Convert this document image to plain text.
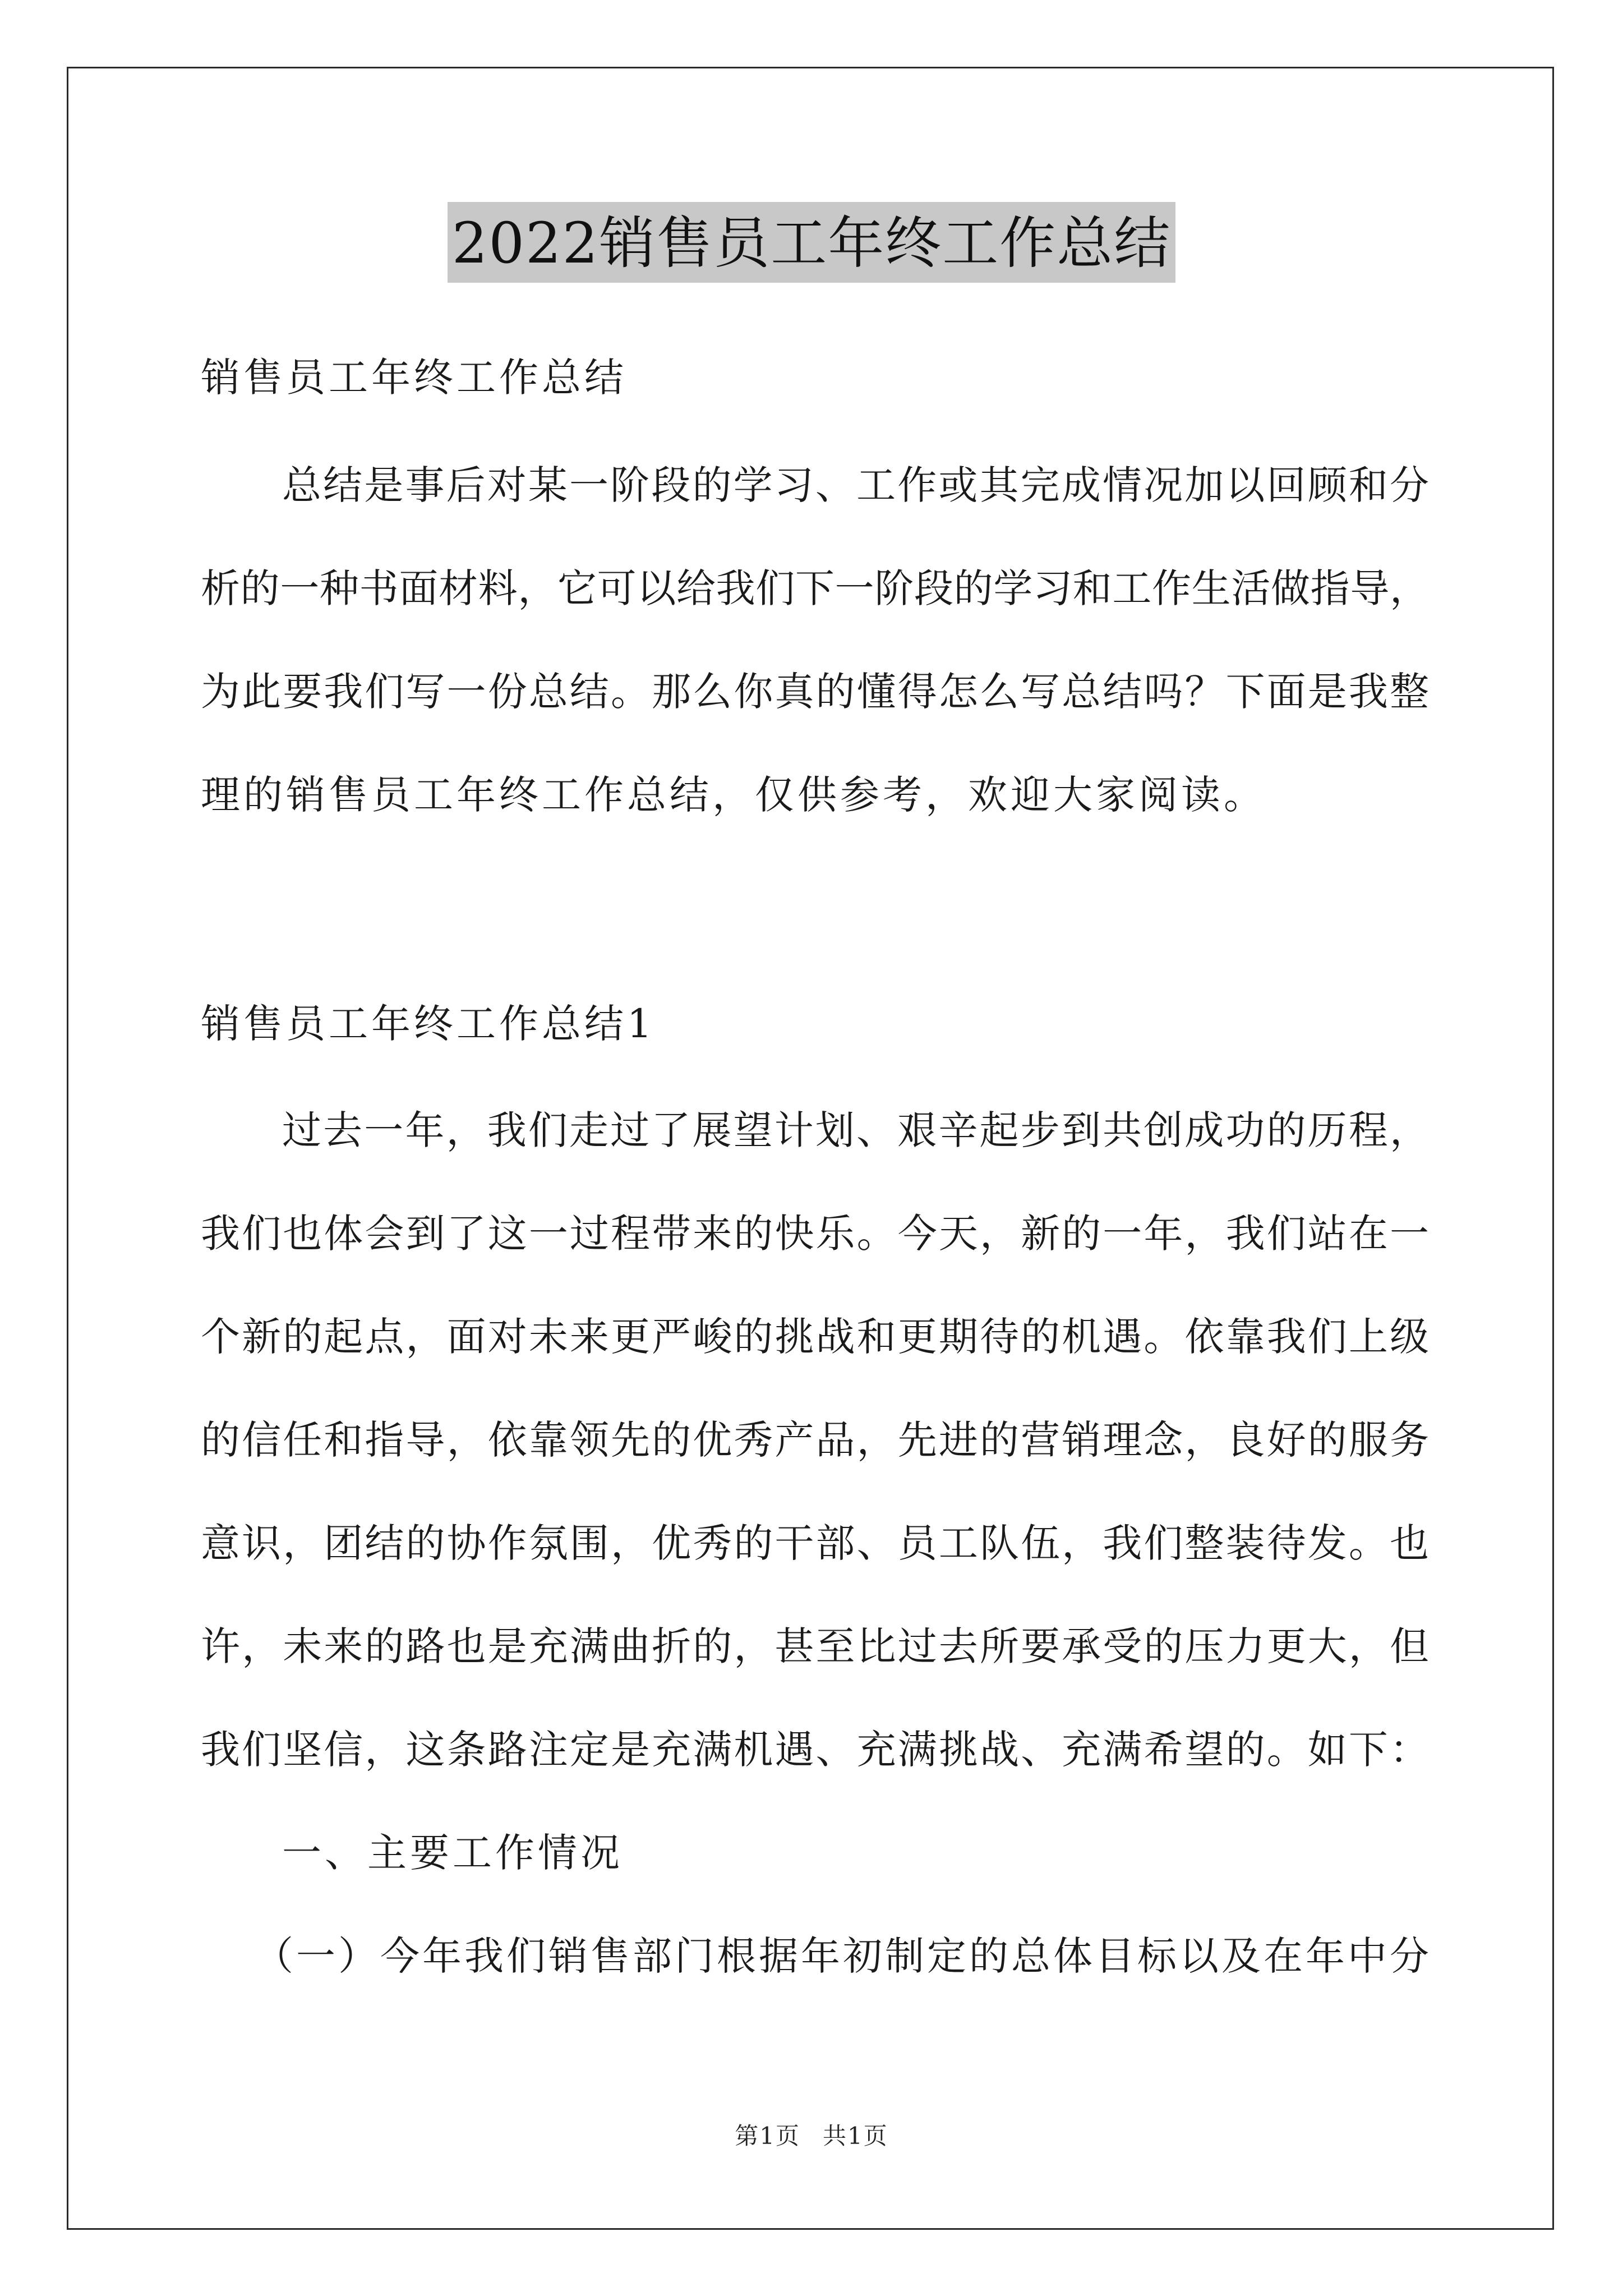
2022销售员工年终工作总结
销售员工年终工作总结
总结是事后对某一阶段的学习、工作或其完成情况加以回顾和分
析的一种书面材料，它可以给我们下一阶段的学习和工作生活做指导，
为此要我们写一份总结。那么你真的懂得怎么写总结吗？下面是我整
理的销售员工年终工作总结，仅供参考，欢迎大家阅读。
销售员工年终工作总结1
过去一年，我们走过了展望计划、艰辛起步到共创成功的历程，
我们也体会到了这一过程带来的快乐。今天，新的一年，我们站在一
个新的起点，面对未来更严峻的挑战和更期待的机遇。依靠我们上级
的信任和指导，依靠领先的优秀产品，先进的营销理念，良好的服务
意识，团结的协作氛围，优秀的干部、员工队伍，我们整装待发。也
许，未来的路也是充满曲折的，甚至比过去所要承受的压力更大，但
我们坚信，这条路注定是充满机遇、充满挑战、充满希望的。如下：
一、主要工作情况
（一）今年我们销售部门根据年初制定的总体目标以及在年中分
第1页 共1页
